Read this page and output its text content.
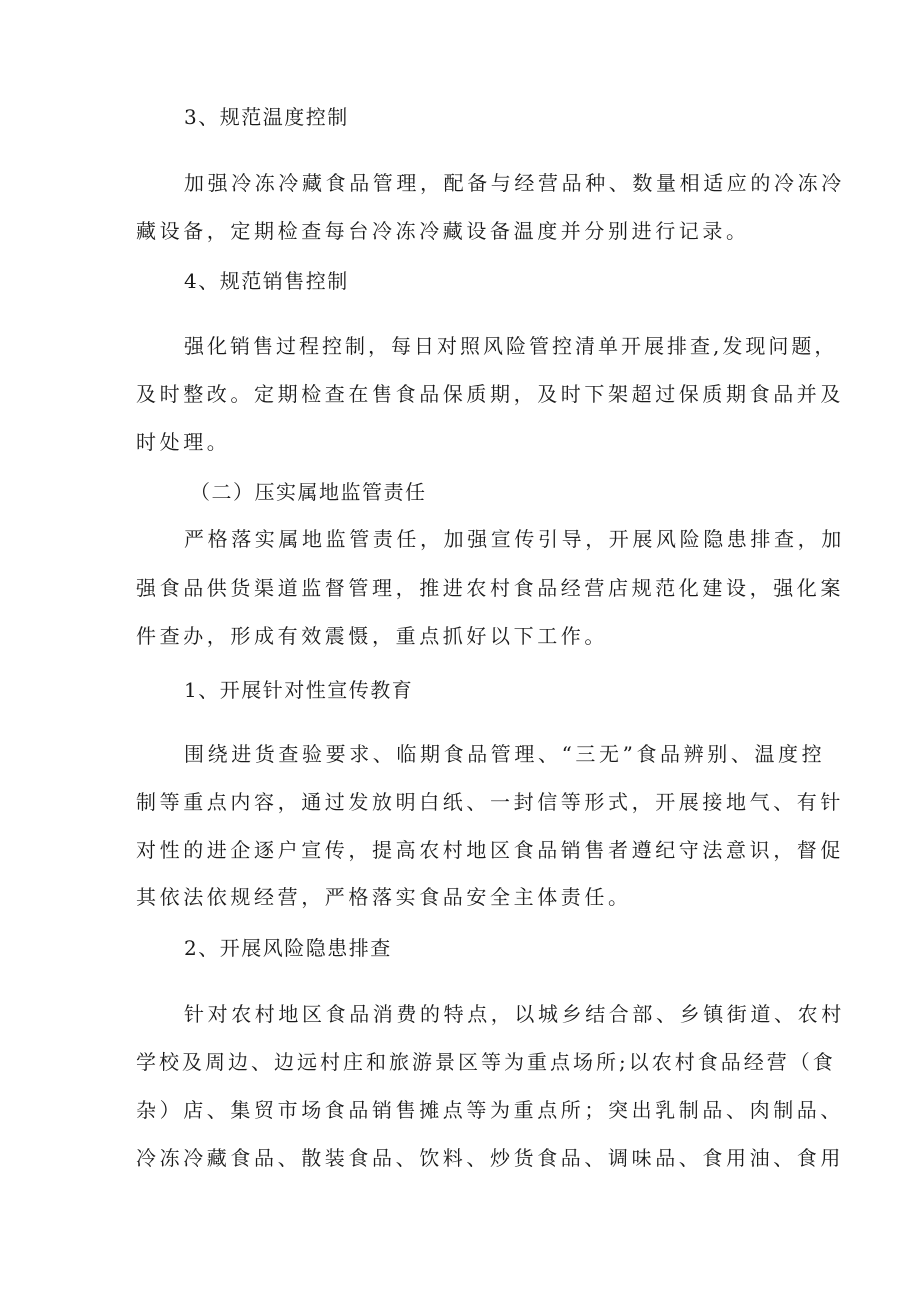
3、规范温度控制
加强冷冻冷藏食品管理，配备与经营品种、数量相适应的冷冻冷
藏设备，定期检查每台冷冻冷藏设备温度并分别进行记录。
4、规范销售控制
强化销售过程控制，每日对照风险管控清单开展排查,发现问题，
及时整改。定期检查在售食品保质期，及时下架超过保质期食品并及
时处理。
（二）压实属地监管责任
严格落实属地监管责任，加强宣传引导，开展风险隐患排查，加
强食品供货渠道监督管理，推进农村食品经营店规范化建设，强化案
件查办，形成有效震慑，重点抓好以下工作。
1、开展针对性宣传教育
围绕进货查验要求、临期食品管理、“三无”食品辨别、温度控
制等重点内容，通过发放明白纸、一封信等形式，开展接地气、有针
对性的进企逐户宣传，提高农村地区食品销售者遵纪守法意识，督促
其依法依规经营，严格落实食品安全主体责任。
2、开展风险隐患排查
针对农村地区食品消费的特点，以城乡结合部、乡镇街道、农村
学校及周边、边远村庄和旅游景区等为重点场所;以农村食品经营（食
杂）店、集贸市场食品销售摊点等为重点所；突出乳制品、肉制品、
冷冻冷藏食品、散装食品、饮料、炒货食品、调味品、食用油、食用
